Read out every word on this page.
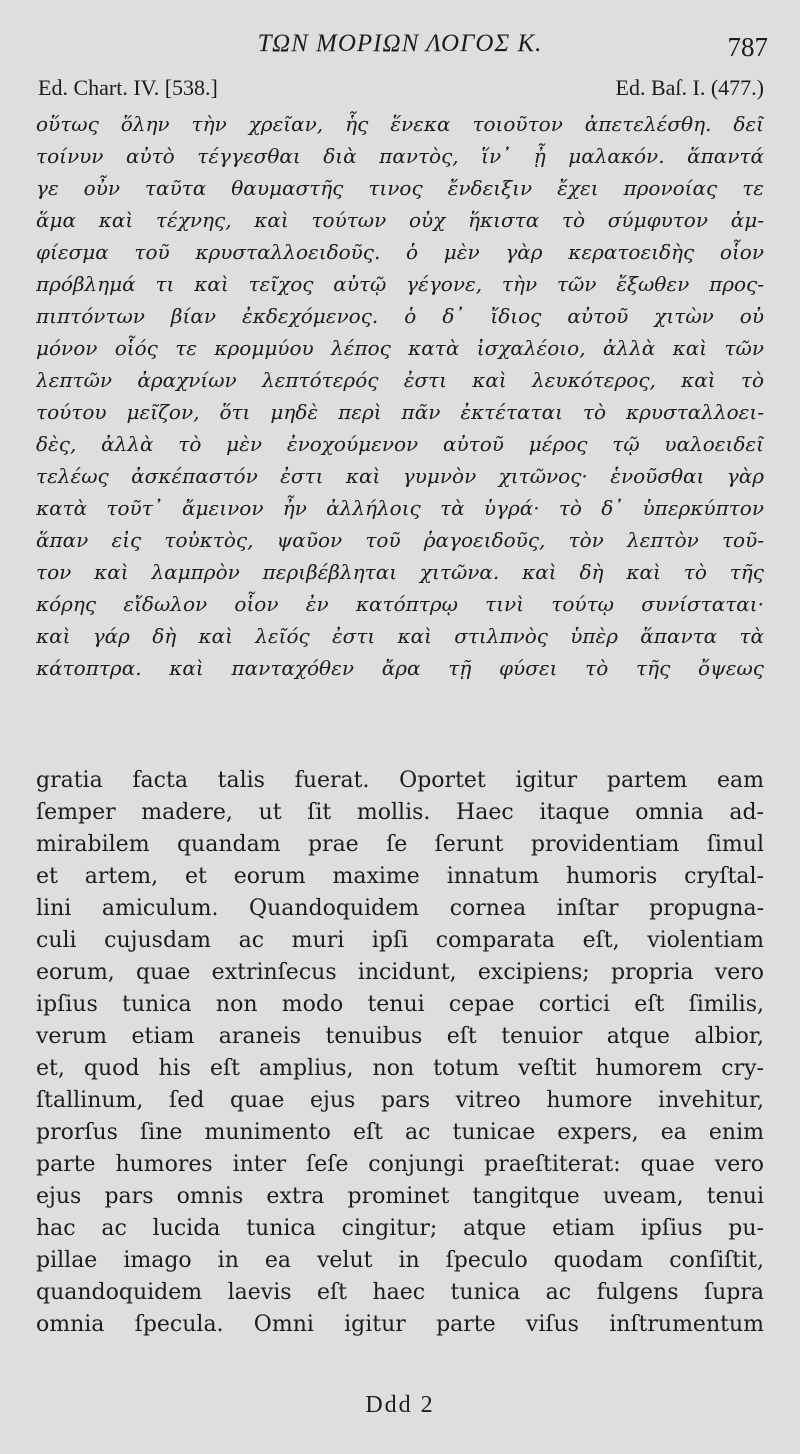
ΤΩΝ ΜΟΡΙΩΝ ΛΟΓΟΣ Κ.	787
Ed. Chart. IV. [538.]	Ed. Baſ. I. (477.)
οὕτως ὅλην τὴν χρεῖαν, ἧς ἕνεκα τοιοῦτον ἀπετελέσθη. δεῖ
τοίνυν αὐτὸ τέγγεσθαι διὰ παντὸς, ἵν᾿ ᾖ μαλακόν. ἅπαντά
γε οὖν ταῦτα θαυμαστῆς τινος ἔνδειξιν ἔχει προνοίας τε
ἅμα καὶ τέχνης, καὶ τούτων οὐχ ἥκιστα τὸ σύμφυτον ἀμ-
φίεσμα τοῦ κρυσταλλοειδοῦς. ὁ μὲν γὰρ κερατοειδὴς οἷον
πρόβλημά τι καὶ τεῖχος αὐτῷ γέγονε, τὴν τῶν ἔξωθεν προς-
πιπτόντων βίαν ἐκδεχόμενος. ὁ δ᾿ ἴδιος αὐτοῦ χιτὼν οὐ
μόνον οἷός τε κρομμύου λέπος κατὰ ἰσχαλέοιο, ἀλλὰ καὶ τῶν
λεπτῶν ἀραχνίων λεπτότερός ἐστι καὶ λευκότερος, καὶ τὸ
τούτου μεῖζον, ὅτι μηδὲ περὶ πᾶν ἐκτέταται τὸ κρυσταλλοει-
δὲς, ἀλλὰ τὸ μὲν ἐνοχούμενον αὐτοῦ μέρος τῷ υαλοειδεῖ
τελέως ἀσκέπαστόν ἐστι καὶ γυμνὸν χιτῶνος· ἑνοῦσθαι γὰρ
κατὰ τοῦτ᾿ ἄμεινον ἦν ἀλλήλοις τὰ ὑγρά· τὸ δ᾿ ὑπερκύπτον
ἅπαν εἰς τοὐκτὸς, ψαῦον τοῦ ῥαγοειδοῦς, τὸν λεπτὸν τοῦ-
τον καὶ λαμπρὸν περιβέβληται χιτῶνα. καὶ δὴ καὶ τὸ τῆς
κόρης εἴδωλον οἷον ἐν κατόπτρῳ τινὶ τούτῳ συνίσταται·
καὶ γάρ δὴ καὶ λεῖός ἐστι καὶ στιλπνὸς ὑπὲρ ἅπαντα τὰ
κάτοπτρα. καὶ πανταχόθεν ἄρα τῇ φύσει τὸ τῆς ὄψεως
gratia facta talis fuerat. Oportet igitur partem eam
ſemper madere, ut ſit mollis. Haec itaque omnia ad-
mirabilem quandam prae ſe ſerunt providentiam ſimul
et artem, et eorum maxime innatum humoris cryſtal-
lini amiculum. Quandoquidem cornea inſtar propugna-
culi cujusdam ac muri ipſi comparata eſt, violentiam
eorum, quae extrinſecus incidunt, excipiens; propria vero
ipſius tunica non modo tenui cepae cortici eſt ſimilis,
verum etiam araneis tenuibus eſt tenuior atque albior,
et, quod his eſt amplius, non totum veſtit humorem cry-
ſtallinum, ſed quae ejus pars vitreo humore invehitur,
prorſus ſine munimento eſt ac tunicae expers, ea enim
parte humores inter ſeſe conjungi praeſtiterat: quae vero
ejus pars omnis extra prominet tangitque uveam, tenui
hac ac lucida tunica cingitur; atque etiam ipſius pu-
pillae imago in ea velut in ſpeculo quodam conſiſtit,
quandoquidem laevis eſt haec tunica ac fulgens ſupra
omnia ſpecula. Omni igitur parte viſus inſtrumentum
Ddd 2
